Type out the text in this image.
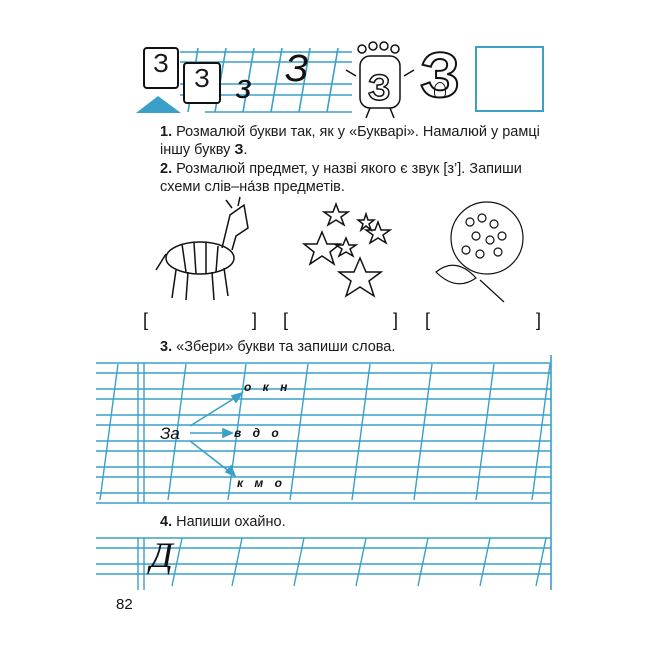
З З з З З З
1. Розмалюй букви так, як у «Букварі». Намалюй у рамці іншу букву З.
2. Розмалюй предмет, у назві якого є звук [з’]. Запиши схеми слів–на́зв предметів.
[	] [	] [	]
3. «Збери» букви та запиши слова.
За
о к н
в д о
к м о
4. Напиши охайно.
Д
82
